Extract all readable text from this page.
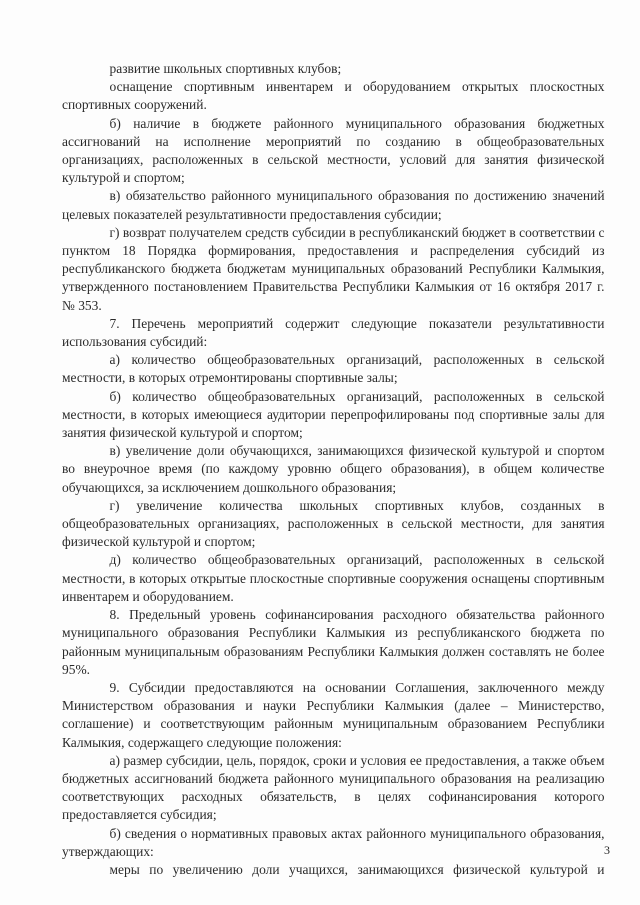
развитие школьных спортивных клубов;

оснащение спортивным инвентарем и оборудованием открытых плоскостных спортивных сооружений.

б) наличие в бюджете районного муниципального образования бюджетных ассигнований на исполнение мероприятий по созданию в общеобразовательных организациях, расположенных в сельской местности, условий для занятия физической культурой и спортом;

в) обязательство районного муниципального образования по достижению значений целевых показателей результативности предоставления субсидии;

г) возврат получателем средств субсидии в республиканский бюджет в соответствии с пунктом 18 Порядка формирования, предоставления и распределения субсидий из республиканского бюджета бюджетам муниципальных образований Республики Калмыкия, утвержденного постановлением Правительства Республики Калмыкия от 16 октября 2017 г. № 353.

7. Перечень мероприятий содержит следующие показатели результативности использования субсидий:

а) количество общеобразовательных организаций, расположенных в сельской местности, в которых отремонтированы спортивные залы;

б) количество общеобразовательных организаций, расположенных в сельской местности, в которых имеющиеся аудитории перепрофилированы под спортивные залы для занятия физической культурой и спортом;

в) увеличение доли обучающихся, занимающихся физической культурой и спортом во внеурочное время (по каждому уровню общего образования), в общем количестве обучающихся, за исключением дошкольного образования;

г) увеличение количества школьных спортивных клубов, созданных в общеобразовательных организациях, расположенных в сельской местности, для занятия физической культурой и спортом;

д) количество общеобразовательных организаций, расположенных в сельской местности, в которых открытые плоскостные спортивные сооружения оснащены спортивным инвентарем и оборудованием.

8. Предельный уровень софинансирования расходного обязательства районного муниципального образования Республики Калмыкия из республиканского бюджета по районным муниципальным образованиям Республики Калмыкия должен составлять не более 95%.

9. Субсидии предоставляются на основании Соглашения, заключенного между Министерством образования и науки Республики Калмыкия (далее – Министерство, соглашение) и соответствующим районным муниципальным образованием Республики Калмыкия, содержащего следующие положения:

а) размер субсидии, цель, порядок, сроки и условия ее предоставления, а также объем бюджетных ассигнований бюджета районного муниципального образования на реализацию соответствующих расходных обязательств, в целях софинансирования которого предоставляется субсидия;

б) сведения о нормативных правовых актах районного муниципального образования, утверждающих:

меры по увеличению доли учащихся, занимающихся физической культурой и

3
